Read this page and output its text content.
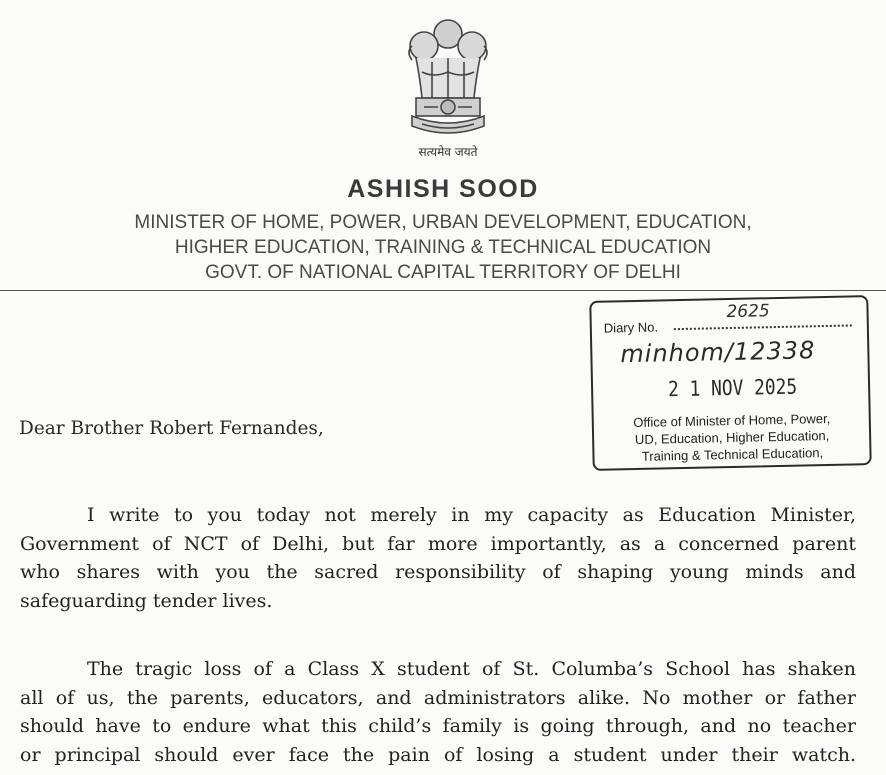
सत्यमेव जयते
ASHISH SOOD
MINISTER OF HOME, POWER, URBAN DEVELOPMENT, EDUCATION,
HIGHER EDUCATION, TRAINING & TECHNICAL EDUCATION
GOVT. OF NATIONAL CAPITAL TERRITORY OF DELHI
Diary No.
2625
minhom/12338
2 1 NOV 2025
Office of Minister of Home, Power,
UD, Education, Higher Education,
Training & Technical Education,
Dear Brother Robert Fernandes,
I write to you today not merely in my capacity as Education Minister,
Government of NCT of Delhi, but far more importantly, as a concerned parent
who shares with you the sacred responsibility of shaping young minds and
safeguarding tender lives.
The tragic loss of a Class X student of St. Columba’s School has shaken
all of us, the parents, educators, and administrators alike. No mother or father
should have to endure what this child’s family is going through, and no teacher
or principal should ever face the pain of losing a student under their watch.
